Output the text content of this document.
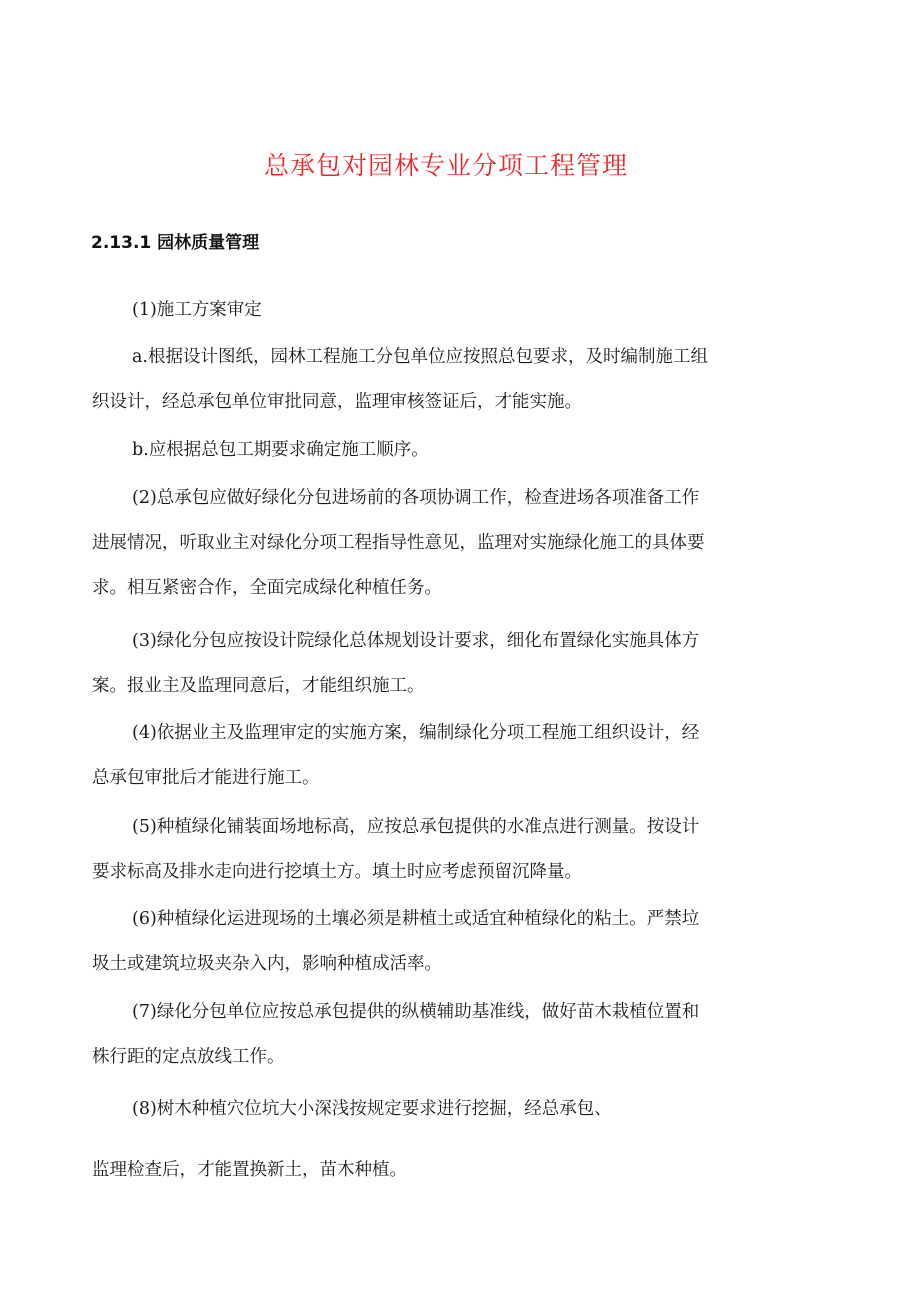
总承包对园林专业分项工程管理
2.13.1 园林质量管理
(1)施工方案审定
a.根据设计图纸，园林工程施工分包单位应按照总包要求，及时编制施工组
织设计，经总承包单位审批同意，监理审核签证后，才能实施。
b.应根据总包工期要求确定施工顺序。
(2)总承包应做好绿化分包进场前的各项协调工作，检查进场各项准备工作
进展情况，听取业主对绿化分项工程指导性意见，监理对实施绿化施工的具体要
求。相互紧密合作，全面完成绿化种植任务。
(3)绿化分包应按设计院绿化总体规划设计要求，细化布置绿化实施具体方
案。报业主及监理同意后，才能组织施工。
(4)依据业主及监理审定的实施方案，编制绿化分项工程施工组织设计，经
总承包审批后才能进行施工。
(5)种植绿化铺装面场地标高，应按总承包提供的水准点进行测量。按设计
要求标高及排水走向进行挖填土方。填土时应考虑预留沉降量。
(6)种植绿化运进现场的土壤必须是耕植土或适宜种植绿化的粘土。严禁垃
圾土或建筑垃圾夹杂入内，影响种植成活率。
(7)绿化分包单位应按总承包提供的纵横辅助基准线，做好苗木栽植位置和
株行距的定点放线工作。
(8)树木种植穴位坑大小深浅按规定要求进行挖掘，经总承包、
监理检查后，才能置换新土，苗木种植。
